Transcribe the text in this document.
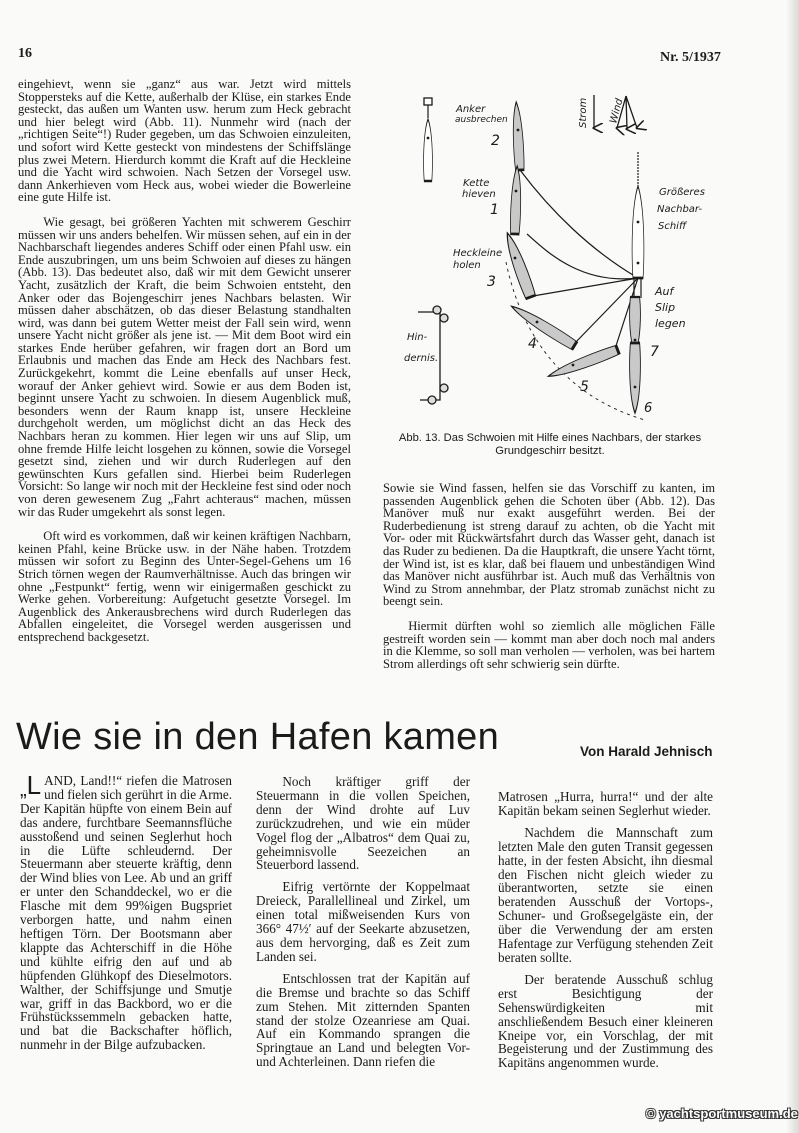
16	Nr. 5/1937

eingehievt, wenn sie „ganz“ aus war. Jetzt wird mittels Stoppersteks auf die Kette, außerhalb der Klüse, ein starkes Ende gesteckt, das außen um Wanten usw. herum zum Heck gebracht und hier belegt wird (Abb. 11). Nunmehr wird (nach der „richtigen Seite“!) Ruder gegeben, um das Schwoien einzuleiten, und sofort wird Kette gesteckt von mindestens der Schiffslänge plus zwei Metern. Hierdurch kommt die Kraft auf die Heckleine und die Yacht wird schwoien. Nach Setzen der Vorsegel usw. dann Ankerhieven vom Heck aus, wobei wieder die Bowerleine eine gute Hilfe ist.

Wie gesagt, bei größeren Yachten mit schwerem Geschirr müssen wir uns anders behelfen. Wir müssen sehen, auf ein in der Nachbarschaft liegendes anderes Schiff oder einen Pfahl usw. ein Ende auszubringen, um uns beim Schwoien auf dieses zu hängen (Abb. 13). Das bedeutet also, daß wir mit dem Gewicht unserer Yacht, zusätzlich der Kraft, die beim Schwoien entsteht, den Anker oder das Bojengeschirr jenes Nachbars belasten. Wir müssen daher abschätzen, ob das dieser Belastung standhalten wird, was dann bei gutem Wetter meist der Fall sein wird, wenn unsere Yacht nicht größer als jene ist. — Mit dem Boot wird ein starkes Ende herüber gefahren, wir fragen dort an Bord um Erlaubnis und machen das Ende am Heck des Nachbars fest. Zurückgekehrt, kommt die Leine ebenfalls auf unser Heck, worauf der Anker gehievt wird. Sowie er aus dem Boden ist, beginnt unsere Yacht zu schwoien. In diesem Augenblick muß, besonders wenn der Raum knapp ist, unsere Heckleine durchgeholt werden, um möglichst dicht an das Heck des Nachbars heran zu kommen. Hier legen wir uns auf Slip, um ohne fremde Hilfe leicht losgehen zu können, sowie die Vorsegel gesetzt sind, ziehen und wir durch Ruderlegen auf den gewünschten Kurs gefallen sind. Hierbei beim Ruderlegen Vorsicht: So lange wir noch mit der Heckleine fest sind oder noch von deren gewesenem Zug „Fahrt achteraus“ machen, müssen wir das Ruder umgekehrt als sonst legen.

Oft wird es vorkommen, daß wir keinen kräftigen Nachbarn, keinen Pfahl, keine Brücke usw. in der Nähe haben. Trotzdem müssen wir sofort zu Beginn des Unter-Segel-Gehens um 16 Strich törnen wegen der Raumverhältnisse. Auch das bringen wir ohne „Festpunkt“ fertig, wenn wir einigermaßen geschickt zu Werke gehen. Vorbereitung: Aufgetucht gesetzte Vorsegel. Im Augenblick des Ankerausbrechens wird durch Ruderlegen das Abfallen eingeleitet, die Vorsegel werden ausgerissen und entsprechend backgesetzt.

Anker
ausbrechen
2
Kette
hieven
1
Heckleine
holen
3
Hin-
dernis.
4
5
6
7
Größeres
Nachbar-
Schiff
Auf
Slip
legen
Strom Wind
Abb. 13. Das Schwoien mit Hilfe eines Nachbars, der starkes Grundgeschirr besitzt.

Sowie sie Wind fassen, helfen sie das Vorschiff zu kanten, im passenden Augenblick gehen die Schoten über (Abb. 12). Das Manöver muß nur exakt ausgeführt werden. Bei der Ruderbedienung ist streng darauf zu achten, ob die Yacht mit Vor- oder mit Rückwärtsfahrt durch das Wasser geht, danach ist das Ruder zu bedienen. Da die Hauptkraft, die unsere Yacht törnt, der Wind ist, ist es klar, daß bei flauem und unbeständigen Wind das Manöver nicht ausführbar ist. Auch muß das Verhältnis von Wind zu Strom annehmbar, der Platz stromab zunächst nicht zu beengt sein.

Hiermit dürften wohl so ziemlich alle möglichen Fälle gestreift worden sein — kommt man aber doch noch mal anders in die Klemme, so soll man verholen — verholen, was bei hartem Strom allerdings oft sehr schwierig sein dürfte.

Wie sie in den Hafen kamen	Von Harald Jehnisch

„L AND, Land!!“ riefen die Matrosen und fielen sich gerührt in die Arme. Der Kapitän hüpfte von einem Bein auf das andere, furchtbare Seemannsflüche ausstoßend und seinen Seglerhut hoch in die Lüfte schleudernd. Der Steuermann aber steuerte kräftig, denn der Wind blies von Lee. Ab und an griff er unter den Schanddeckel, wo er die Flasche mit dem 99%igen Bugspriet verborgen hatte, und nahm einen heftigen Törn. Der Bootsmann aber klappte das Achterschiff in die Höhe und kühlte eifrig den auf und ab hüpfenden Glühkopf des Dieselmotors. Walther, der Schiffsjunge und Smutje war, griff in das Backbord, wo er die Frühstückssemmeln gebacken hatte, und bat die Backschafter höflich, nunmehr in der Bilge aufzubacken.

Noch kräftiger griff der Steuermann in die vollen Speichen, denn der Wind drohte auf Luv zurückzudrehen, und wie ein müder Vogel flog der „Albatros“ dem Quai zu, geheimnisvolle Seezeichen an Steuerbord lassend.

Eifrig vertörnte der Koppelmaat Dreieck, Parallellineal und Zirkel, um einen total mißweisenden Kurs von 366° 47½′ auf der Seekarte abzusetzen, aus dem hervorging, daß es Zeit zum Landen sei.

Entschlossen trat der Kapitän auf die Bremse und brachte so das Schiff zum Stehen. Mit zitternden Spanten stand der stolze Ozeanriese am Quai. Auf ein Kommando sprangen die Springtaue an Land und belegten Vor- und Achterleinen. Dann riefen die

Matrosen „Hurra, hurra!“ und der alte Kapitän bekam seinen Seglerhut wieder.

Nachdem die Mannschaft zum letzten Male den guten Transit gegessen hatte, in der festen Absicht, ihn diesmal den Fischen nicht gleich wieder zu überantworten, setzte sie einen beratenden Ausschuß der Vortops-, Schuner- und Großsegelgäste ein, der über die Verwendung der am ersten Hafentage zur Verfügung stehenden Zeit beraten sollte.

Der beratende Ausschuß schlug erst Besichtigung der Sehenswürdigkeiten mit anschließendem Besuch einer kleineren Kneipe vor, ein Vorschlag, der mit Begeisterung und der Zustimmung des Kapitäns angenommen wurde.

© yachtsportmuseum.de
